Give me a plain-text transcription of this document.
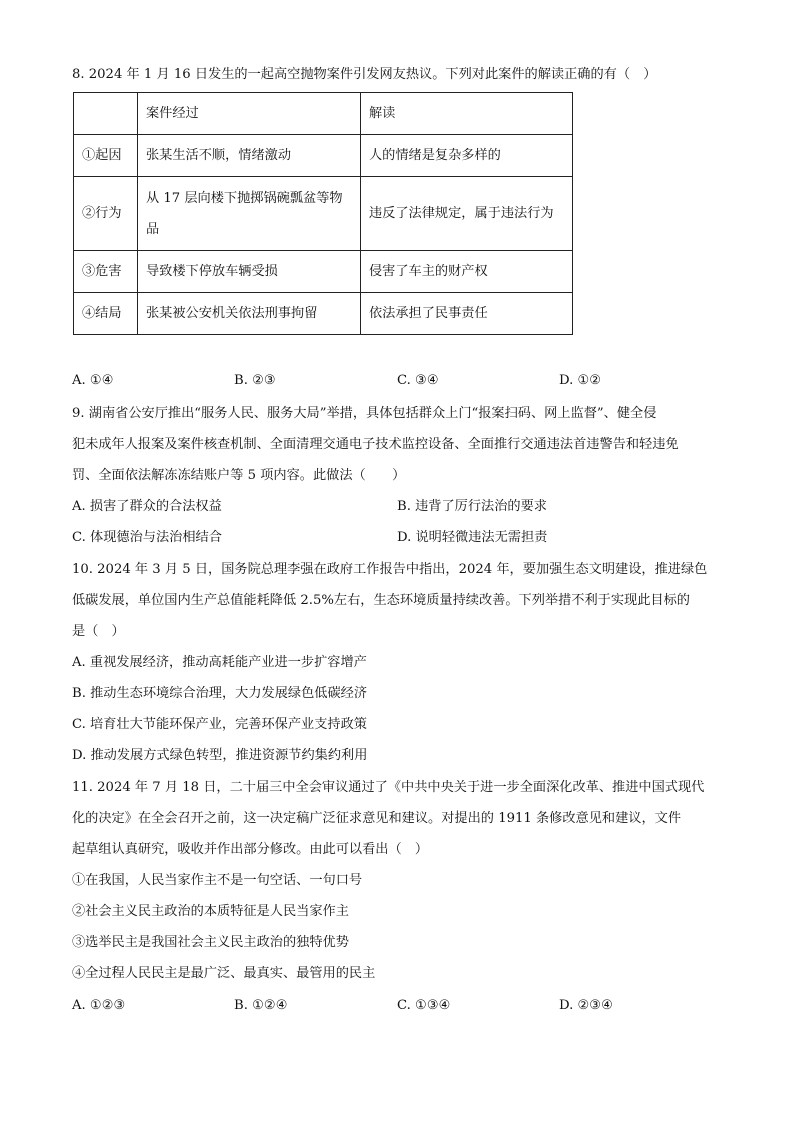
8. 2024 年 1 月 16 日发生的一起高空抛物案件引发网友热议。下列对此案件的解读正确的有（　）
	案件经过	解读
①起因	张某生活不顺，情绪激动	人的情绪是复杂多样的
②行为	从 17 层向楼下抛掷锅碗瓢盆等物品	违反了法律规定，属于违法行为
③危害	导致楼下停放车辆受损	侵害了车主的财产权
④结局	张某被公安机关依法刑事拘留	依法承担了民事责任
A. ①④	B. ②③	C. ③④	D. ①②
9. 湖南省公安厅推出“服务人民、服务大局”举措，具体包括群众上门“报案扫码、网上监督”、健全侵
犯未成年人报案及案件核查机制、全面清理交通电子技术监控设备、全面推行交通违法首违警告和轻违免
罚、全面依法解冻冻结账户等 5 项内容。此做法（　　）
A. 损害了群众的合法权益	B. 违背了厉行法治的要求
C. 体现德治与法治相结合	D. 说明轻微违法无需担责
10. 2024 年 3 月 5 日，国务院总理李强在政府工作报告中指出，2024 年，要加强生态文明建设，推进绿色
低碳发展，单位国内生产总值能耗降低 2.5%左右，生态环境质量持续改善。下列举措不利于实现此目标的
是（　）
A. 重视发展经济，推动高耗能产业进一步扩容增产
B. 推动生态环境综合治理，大力发展绿色低碳经济
C. 培育壮大节能环保产业，完善环保产业支持政策
D. 推动发展方式绿色转型，推进资源节约集约利用
11. 2024 年 7 月 18 日，二十届三中全会审议通过了《中共中央关于进一步全面深化改革、推进中国式现代
化的决定》在全会召开之前，这一决定稿广泛征求意见和建议。对提出的 1911 条修改意见和建议，文件
起草组认真研究，吸收并作出部分修改。由此可以看出（　）
①在我国，人民当家作主不是一句空话、一句口号
②社会主义民主政治的本质特征是人民当家作主
③选举民主是我国社会主义民主政治的独特优势
④全过程人民民主是最广泛、最真实、最管用的民主
A. ①②③	B. ①②④	C. ①③④	D. ②③④
